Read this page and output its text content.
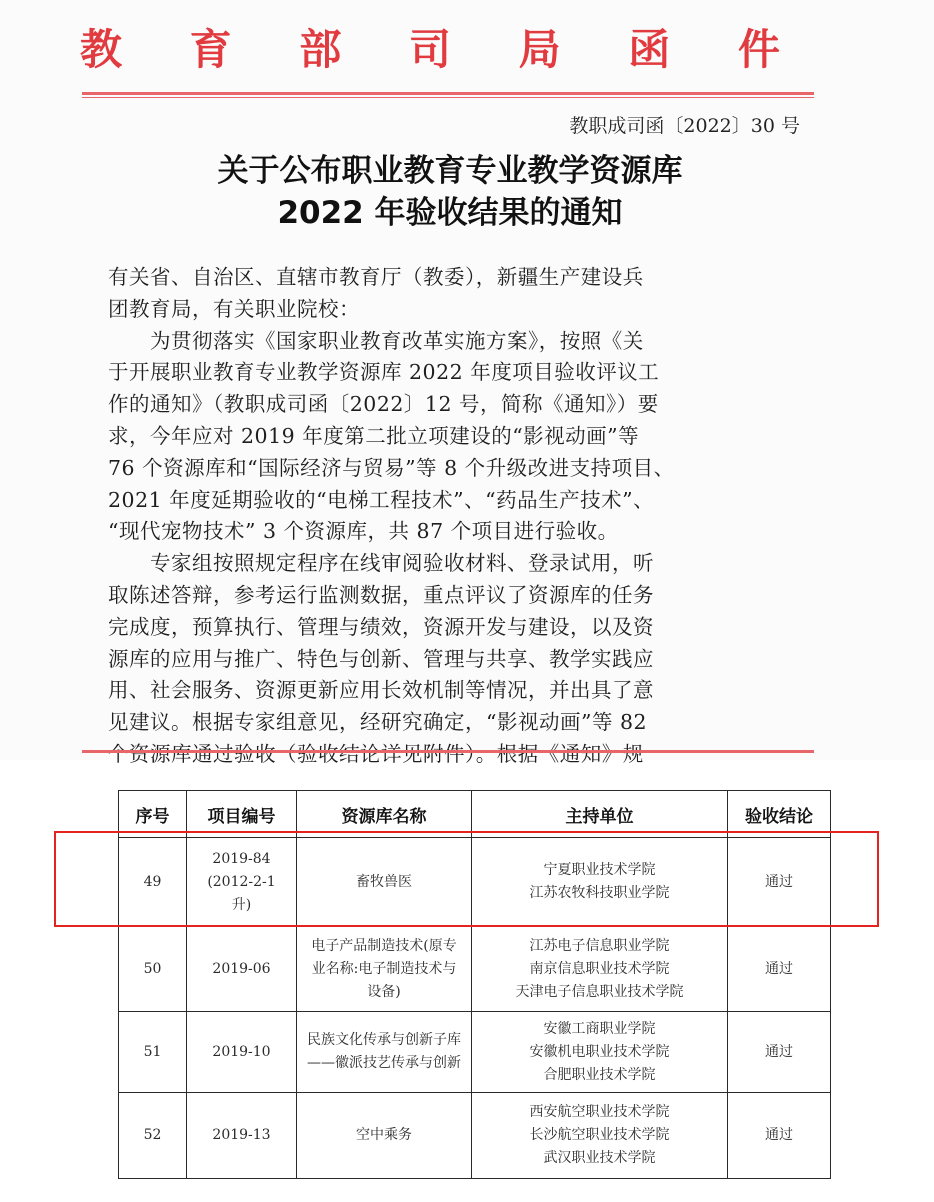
教 育 部 司 局 函 件
教职成司函〔2022〕30 号
关于公布职业教育专业教学资源库
2022 年验收结果的通知

有关省、自治区、直辖市教育厅（教委），新疆生产建设兵

团教育局，有关职业院校：

　　为贯彻落实《国家职业教育改革实施方案》，按照《关

于开展职业教育专业教学资源库 2022 年度项目验收评议工

作的通知》（教职成司函〔2022〕12 号，简称《通知》）要

求，今年应对 2019 年度第二批立项建设的“影视动画”等

76 个资源库和“国际经济与贸易”等 8 个升级改进支持项目、

2021 年度延期验收的“电梯工程技术”、“药品生产技术”、

“现代宠物技术” 3 个资源库，共 87 个项目进行验收。

　　专家组按照规定程序在线审阅验收材料、登录试用，听

取陈述答辩，参考运行监测数据，重点评议了资源库的任务

完成度，预算执行、管理与绩效，资源开发与建设，以及资

源库的应用与推广、特色与创新、管理与共享、教学实践应

用、社会服务、资源更新应用长效机制等情况，并出具了意

见建议。根据专家组意见，经研究确定，“影视动画”等 82

个资源库通过验收（验收结论详见附件）。根据《通知》规

序号	项目编号	资源库名称	主持单位	验收结论
49	2019-84
(2012-2-1
升)	畜牧兽医	宁夏职业技术学院
江苏农牧科技职业学院	通过
50	2019-06	电子产品制造技术(原专业名称:电子制造技术与设备)	江苏电子信息职业学院
南京信息职业技术学院
天津电子信息职业技术学院	通过
51	2019-10	民族文化传承与创新子库——徽派技艺传承与创新	安徽工商职业学院
安徽机电职业技术学院
合肥职业技术学院	通过
52	2019-13	空中乘务	西安航空职业技术学院
长沙航空职业技术学院
武汉职业技术学院	通过
